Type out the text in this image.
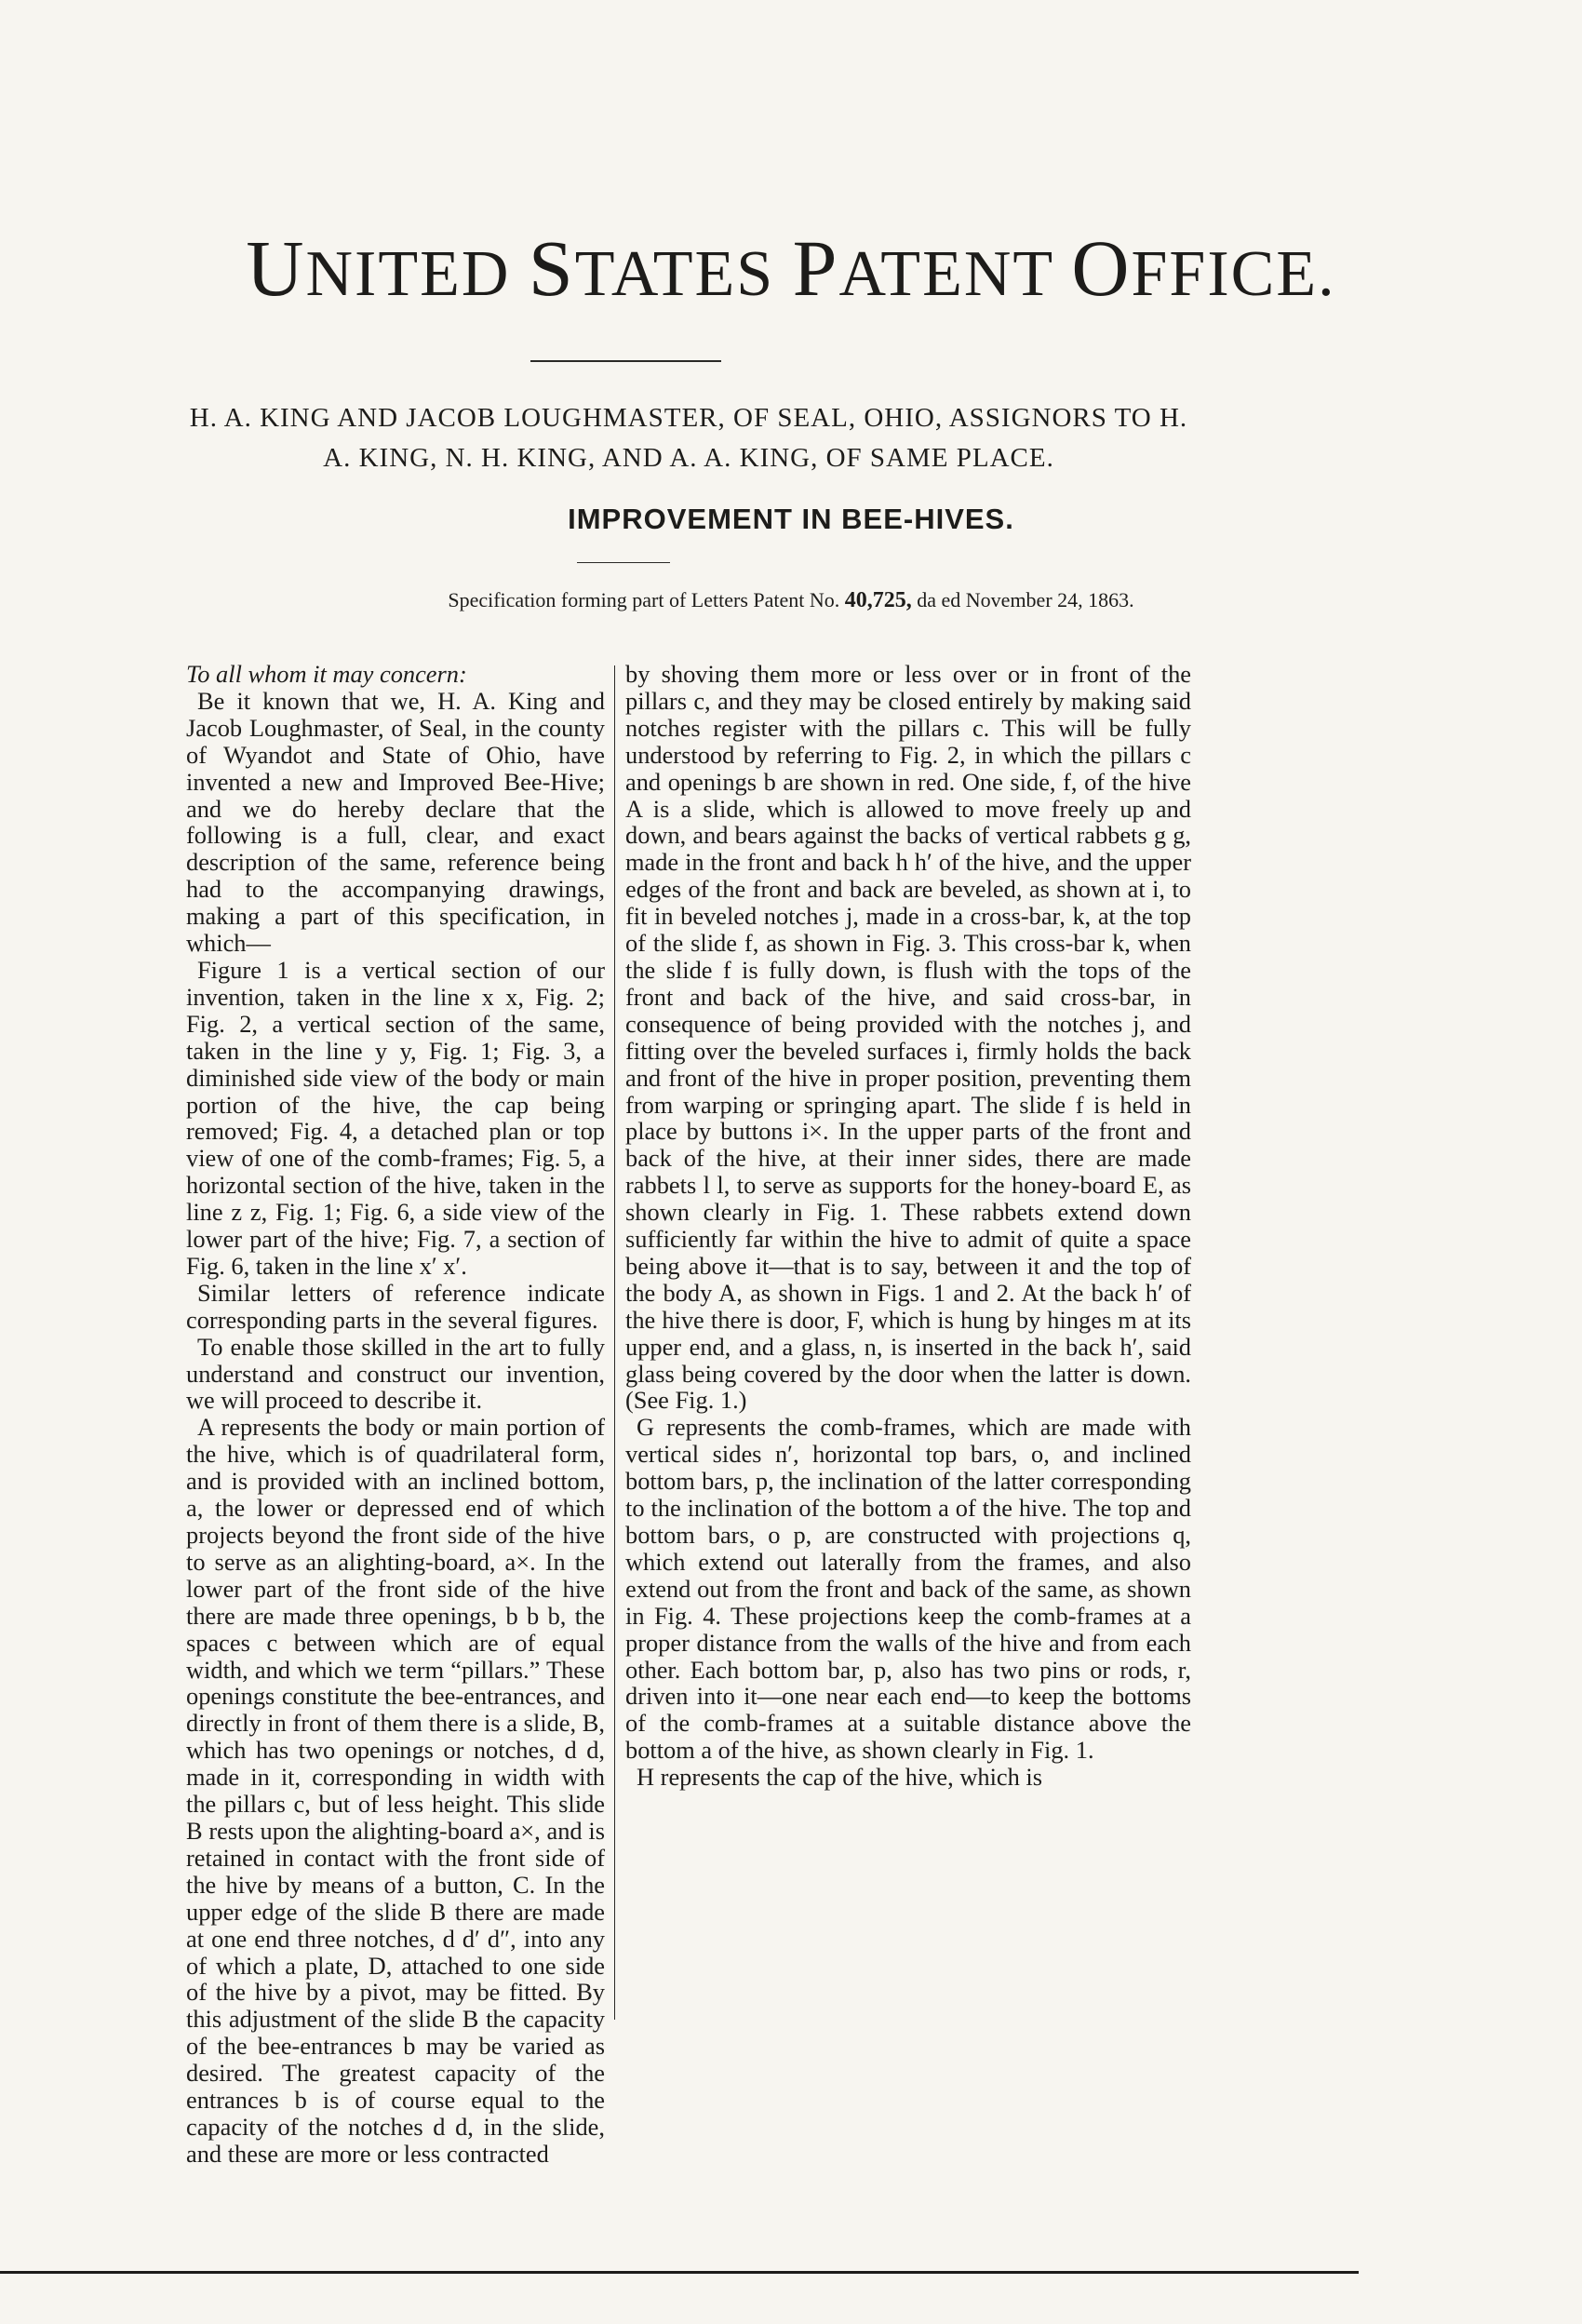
UNITED STATES PATENT OFFICE.
H. A. KING AND JACOB LOUGHMASTER, OF SEAL, OHIO, ASSIGNORS TO H.
A. KING, N. H. KING, AND A. A. KING, OF SAME PLACE.
IMPROVEMENT IN BEE-HIVES.
Specification forming part of Letters Patent No. 40,725, da ed November 24, 1863.

To all whom it may concern:

Be it known that we, H. A. King and Jacob Loughmaster, of Seal, in the county of Wyandot and State of Ohio, have invented a new and Improved Bee-Hive; and we do hereby declare that the following is a full, clear, and exact description of the same, reference being had to the accompanying drawings, making a part of this specification, in which—

Figure 1 is a vertical section of our invention, taken in the line x x, Fig. 2; Fig. 2, a vertical section of the same, taken in the line y y, Fig. 1; Fig. 3, a diminished side view of the body or main portion of the hive, the cap being removed; Fig. 4, a detached plan or top view of one of the comb-frames; Fig. 5, a horizontal section of the hive, taken in the line z z, Fig. 1; Fig. 6, a side view of the lower part of the hive; Fig. 7, a section of Fig. 6, taken in the line x′ x′.

Similar letters of reference indicate corresponding parts in the several figures.

To enable those skilled in the art to fully understand and construct our invention, we will proceed to describe it.

A represents the body or main portion of the hive, which is of quadrilateral form, and is provided with an inclined bottom, a, the lower or depressed end of which projects beyond the front side of the hive to serve as an alighting-board, a×. In the lower part of the front side of the hive there are made three openings, b b b, the spaces c between which are of equal width, and which we term “pillars.” These openings constitute the bee-entrances, and directly in front of them there is a slide, B, which has two openings or notches, d d, made in it, corresponding in width with the pillars c, but of less height. This slide B rests upon the alighting-board a×, and is retained in contact with the front side of the hive by means of a button, C. In the upper edge of the slide B there are made at one end three notches, d d′ d″, into any of which a plate, D, attached to one side of the hive by a pivot, may be fitted. By this adjustment of the slide B the capacity of the bee-entrances b may be varied as desired. The greatest capacity of the entrances b is of course equal to the capacity of the notches d d, in the slide, and these are more or less contracted

by shoving them more or less over or in front of the pillars c, and they may be closed entirely by making said notches register with the pillars c. This will be fully understood by referring to Fig. 2, in which the pillars c and openings b are shown in red. One side, f, of the hive A is a slide, which is allowed to move freely up and down, and bears against the backs of vertical rabbets g g, made in the front and back h h′ of the hive, and the upper edges of the front and back are beveled, as shown at i, to fit in beveled notches j, made in a cross-bar, k, at the top of the slide f, as shown in Fig. 3. This cross-bar k, when the slide f is fully down, is flush with the tops of the front and back of the hive, and said cross-bar, in consequence of being provided with the notches j, and fitting over the beveled surfaces i, firmly holds the back and front of the hive in proper position, preventing them from warping or springing apart. The slide f is held in place by buttons i×. In the upper parts of the front and back of the hive, at their inner sides, there are made rabbets l l, to serve as supports for the honey-board E, as shown clearly in Fig. 1. These rabbets extend down sufficiently far within the hive to admit of quite a space being above it—that is to say, between it and the top of the body A, as shown in Figs. 1 and 2. At the back h′ of the hive there is door, F, which is hung by hinges m at its upper end, and a glass, n, is inserted in the back h′, said glass being covered by the door when the latter is down. (See Fig. 1.)

G represents the comb-frames, which are made with vertical sides n′, horizontal top bars, o, and inclined bottom bars, p, the inclination of the latter corresponding to the inclination of the bottom a of the hive. The top and bottom bars, o p, are constructed with projections q, which extend out laterally from the frames, and also extend out from the front and back of the same, as shown in Fig. 4. These projections keep the comb-frames at a proper distance from the walls of the hive and from each other. Each bottom bar, p, also has two pins or rods, r, driven into it—one near each end—to keep the bottoms of the comb-frames at a suitable distance above the bottom a of the hive, as shown clearly in Fig. 1.

H represents the cap of the hive, which is
